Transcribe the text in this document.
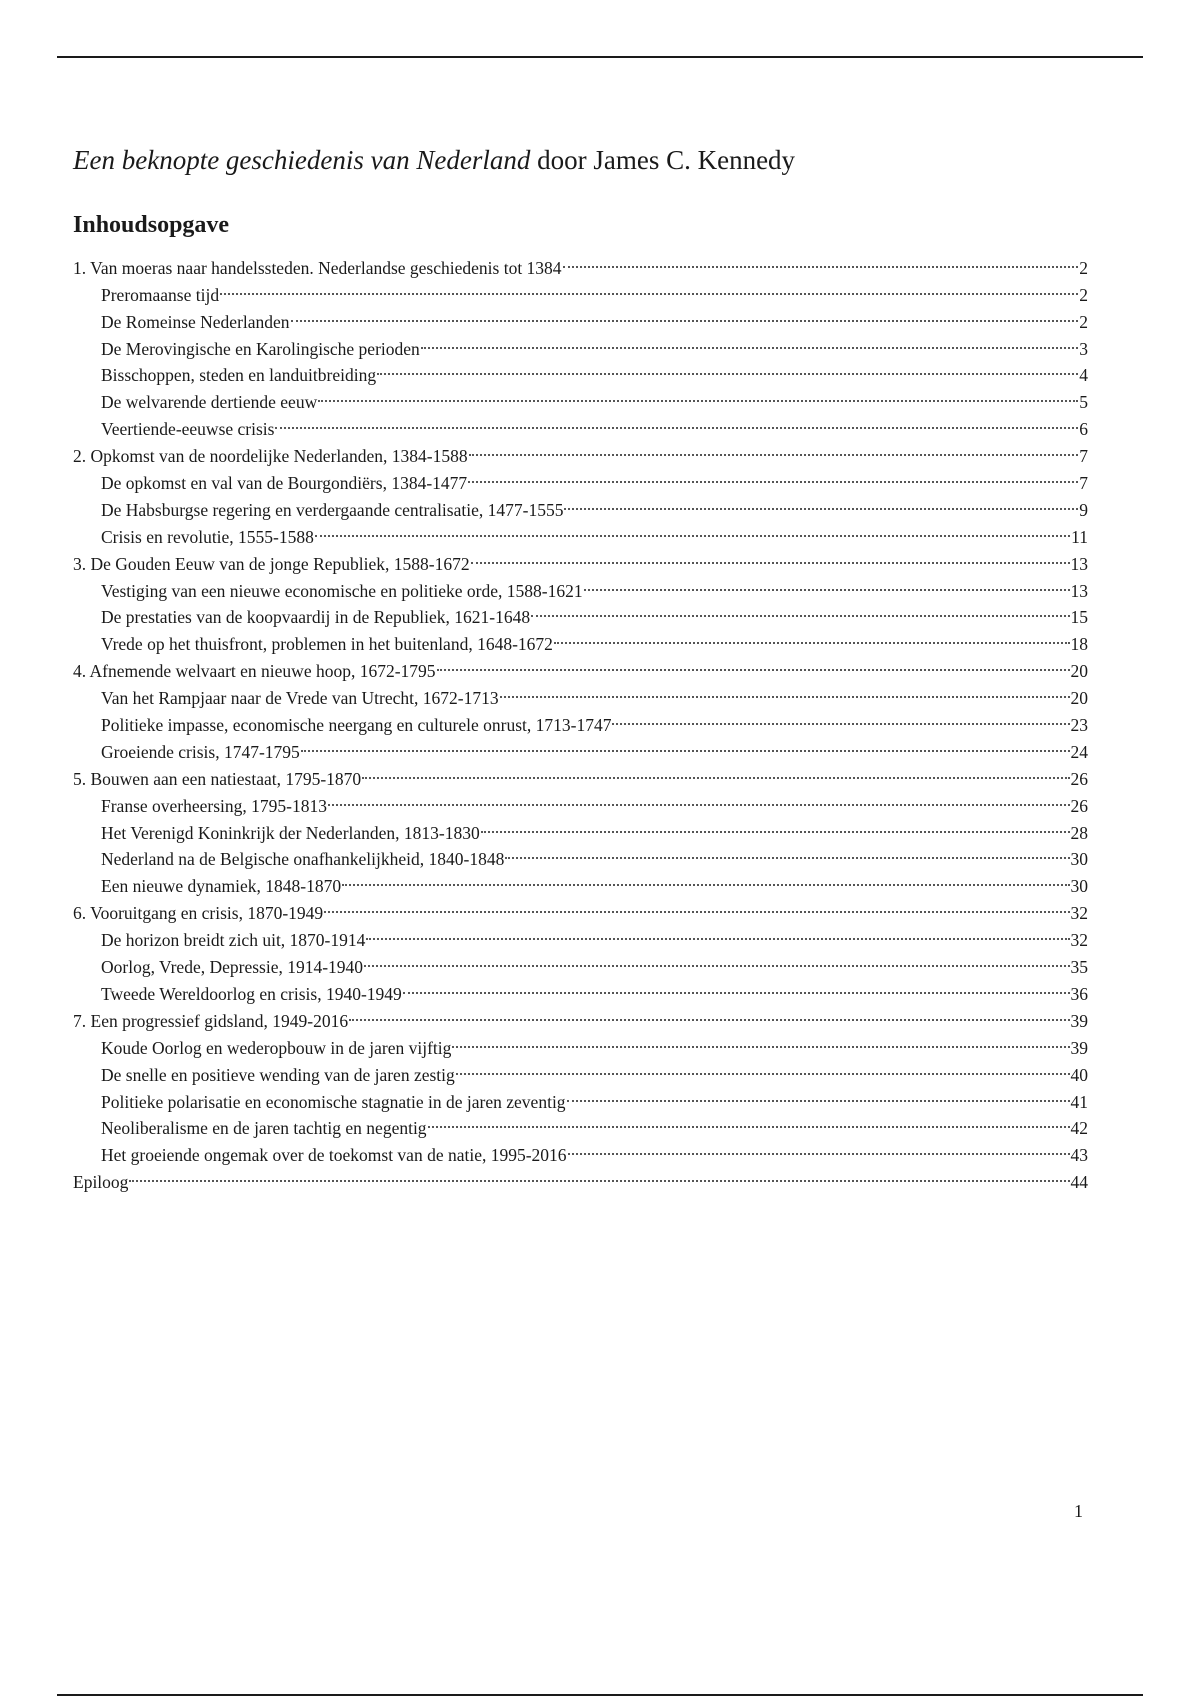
Een beknopte geschiedenis van Nederland door James C. Kennedy
Inhoudsopgave
1. Van moeras naar handelssteden. Nederlandse geschiedenis tot 1384	2
Preromaanse tijd	2
De Romeinse Nederlanden	2
De Merovingische en Karolingische perioden	3
Bisschoppen, steden en landuitbreiding	4
De welvarende dertiende eeuw	5
Veertiende-eeuwse crisis	6
2. Opkomst van de noordelijke Nederlanden, 1384-1588	7
De opkomst en val van de Bourgondiërs, 1384-1477	7
De Habsburgse regering en verdergaande centralisatie, 1477-1555	9
Crisis en revolutie, 1555-1588	11
3. De Gouden Eeuw van de jonge Republiek, 1588-1672	13
Vestiging van een nieuwe economische en politieke orde, 1588-1621	13
De prestaties van de koopvaardij in de Republiek, 1621-1648	15
Vrede op het thuisfront, problemen in het buitenland, 1648-1672	18
4. Afnemende welvaart en nieuwe hoop, 1672-1795	20
Van het Rampjaar naar de Vrede van Utrecht, 1672-1713	20
Politieke impasse, economische neergang en culturele onrust, 1713-1747	23
Groeiende crisis, 1747-1795	24
5. Bouwen aan een natiestaat, 1795-1870	26
Franse overheersing, 1795-1813	26
Het Verenigd Koninkrijk der Nederlanden, 1813-1830	28
Nederland na de Belgische onafhankelijkheid, 1840-1848	30
Een nieuwe dynamiek, 1848-1870	30
6. Vooruitgang en crisis, 1870-1949	32
De horizon breidt zich uit, 1870-1914	32
Oorlog, Vrede, Depressie, 1914-1940	35
Tweede Wereldoorlog en crisis, 1940-1949	36
7. Een progressief gidsland, 1949-2016	39
Koude Oorlog en wederopbouw in de jaren vijftig	39
De snelle en positieve wending van de jaren zestig	40
Politieke polarisatie en economische stagnatie in de jaren zeventig	41
Neoliberalisme en de jaren tachtig en negentig	42
Het groeiende ongemak over de toekomst van de natie, 1995-2016	43
Epiloog	44
1
